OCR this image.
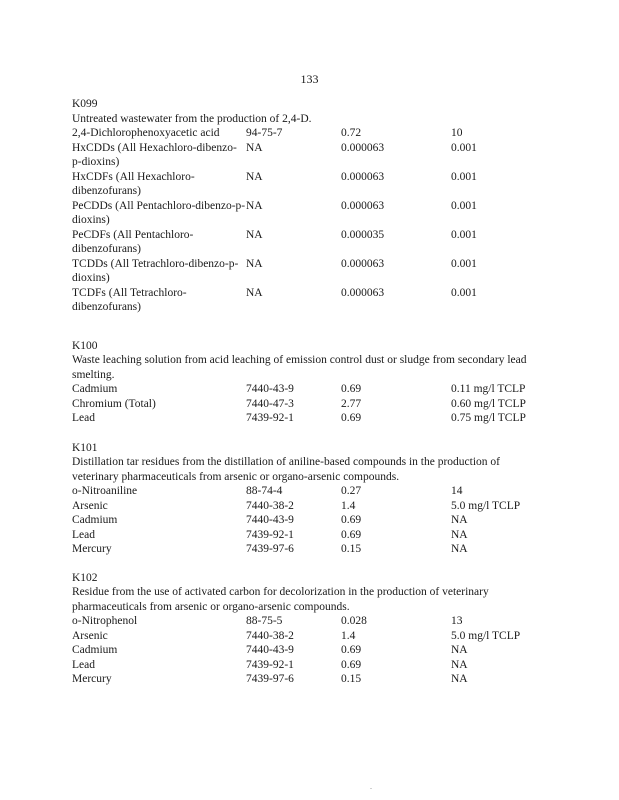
133
K099
Untreated wastewater from the production of 2,4-D.
2,4-Dichlorophenoxyacetic acid	94-75-7	0.72	10
HxCDDs (All Hexachloro-dibenzo-p-dioxins)	NA	0.000063	0.001
HxCDFs (All Hexachloro-dibenzofurans)	NA	0.000063	0.001
PeCDDs (All Pentachloro-dibenzo-p-dioxins)	NA	0.000063	0.001
PeCDFs (All Pentachloro-dibenzofurans)	NA	0.000035	0.001
TCDDs (All Tetrachloro-dibenzo-p-dioxins)	NA	0.000063	0.001
TCDFs (All Tetrachloro-dibenzofurans)	NA	0.000063	0.001
K100
Waste leaching solution from acid leaching of emission control dust or sludge from secondary lead smelting.
Cadmium	7440-43-9	0.69	0.11 mg/l TCLP
Chromium (Total)	7440-47-3	2.77	0.60 mg/l TCLP
Lead	7439-92-1	0.69	0.75 mg/l TCLP
K101
Distillation tar residues from the distillation of aniline-based compounds in the production of veterinary pharmaceuticals from arsenic or organo-arsenic compounds.
o-Nitroaniline	88-74-4	0.27	14
Arsenic	7440-38-2	1.4	5.0 mg/l TCLP
Cadmium	7440-43-9	0.69	NA
Lead	7439-92-1	0.69	NA
Mercury	7439-97-6	0.15	NA
K102
Residue from the use of activated carbon for decolorization in the production of veterinary pharmaceuticals from arsenic or organo-arsenic compounds.
o-Nitrophenol	88-75-5	0.028	13
Arsenic	7440-38-2	1.4	5.0 mg/l TCLP
Cadmium	7440-43-9	0.69	NA
Lead	7439-92-1	0.69	NA
Mercury	7439-97-6	0.15	NA
.
